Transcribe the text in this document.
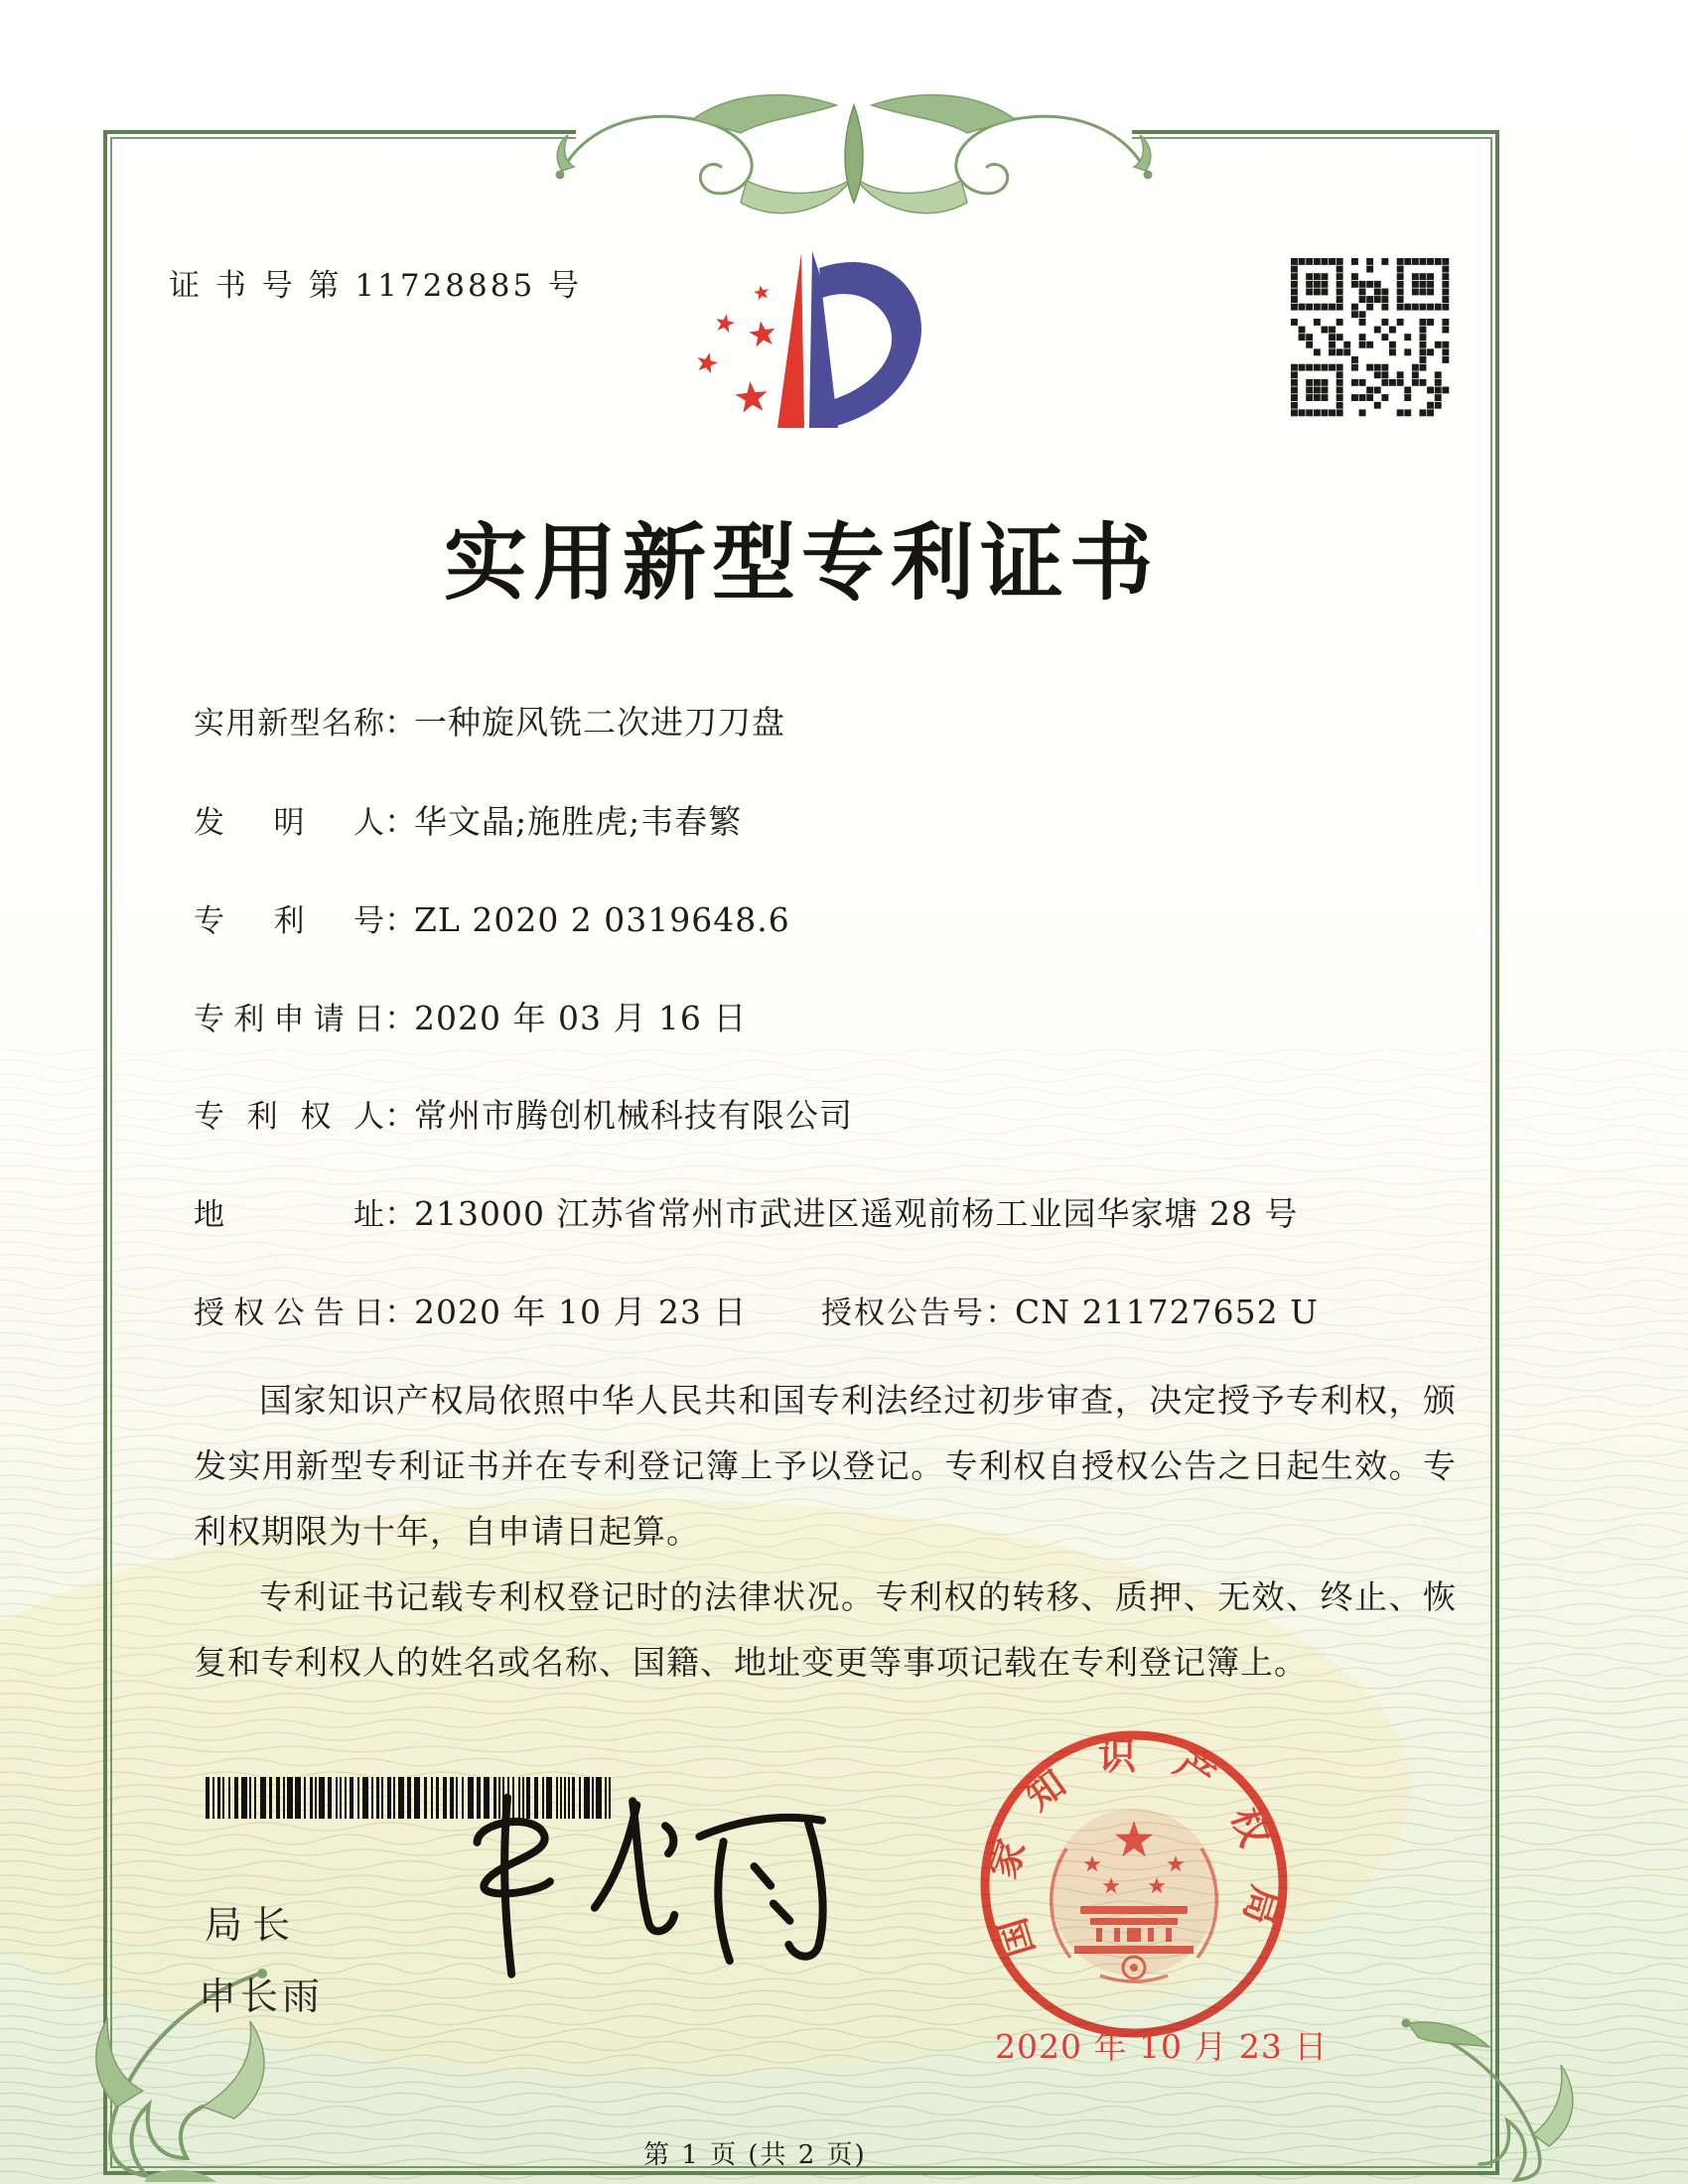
证 书 号 第 11728885 号
实用新型专利证书
实用新型名称：一种旋风铣二次进刀刀盘
发明人：华文晶;施胜虎;韦春繁
专利号：ZL 2020 2 0319648.6
专利申请日：2020 年 03 月 16 日
专利权人：常州市腾创机械科技有限公司
地址：213000 江苏省常州市武进区遥观前杨工业园华家塘 28 号
授权公告日：2020 年 10 月 23 日 授权公告号：CN 211727652 U

国家知识产权局依照中华人民共和国专利法经过初步审查，决定授予专利权，颁发实用新型专利证书并在专利登记簿上予以登记。专利权自授权公告之日起生效。专利权期限为十年，自申请日起算。

专利证书记载专利权登记时的法律状况。专利权的转移、质押、无效、终止、恢复和专利权人的姓名或名称、国籍、地址变更等事项记载在专利登记簿上。

局长
申长雨
国家知识产权局
2020 年 10 月 23 日
第 1 页 (共 2 页)
